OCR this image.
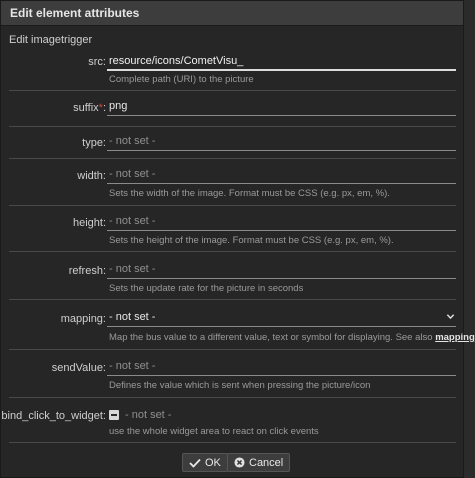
Edit element attributes
Edit imagetrigger
src: resource/icons/CometVisu_
Complete path (URI) to the picture
suffix*: png
type: - not set -
width: - not set -
Sets the width of the image. Format must be CSS (e.g. px, em, %).
height: - not set -
Sets the height of the image. Format must be CSS (e.g. px, em, %).
refresh: - not set -
Sets the update rate for the picture in seconds
mapping: - not set -
Map the bus value to a different value, text or symbol for displaying. See also mapping
sendValue: - not set -
Defines the value which is sent when pressing the picture/icon
bind_click_to_widget: - not set -
use the whole widget area to react on click events
OK	Cancel
